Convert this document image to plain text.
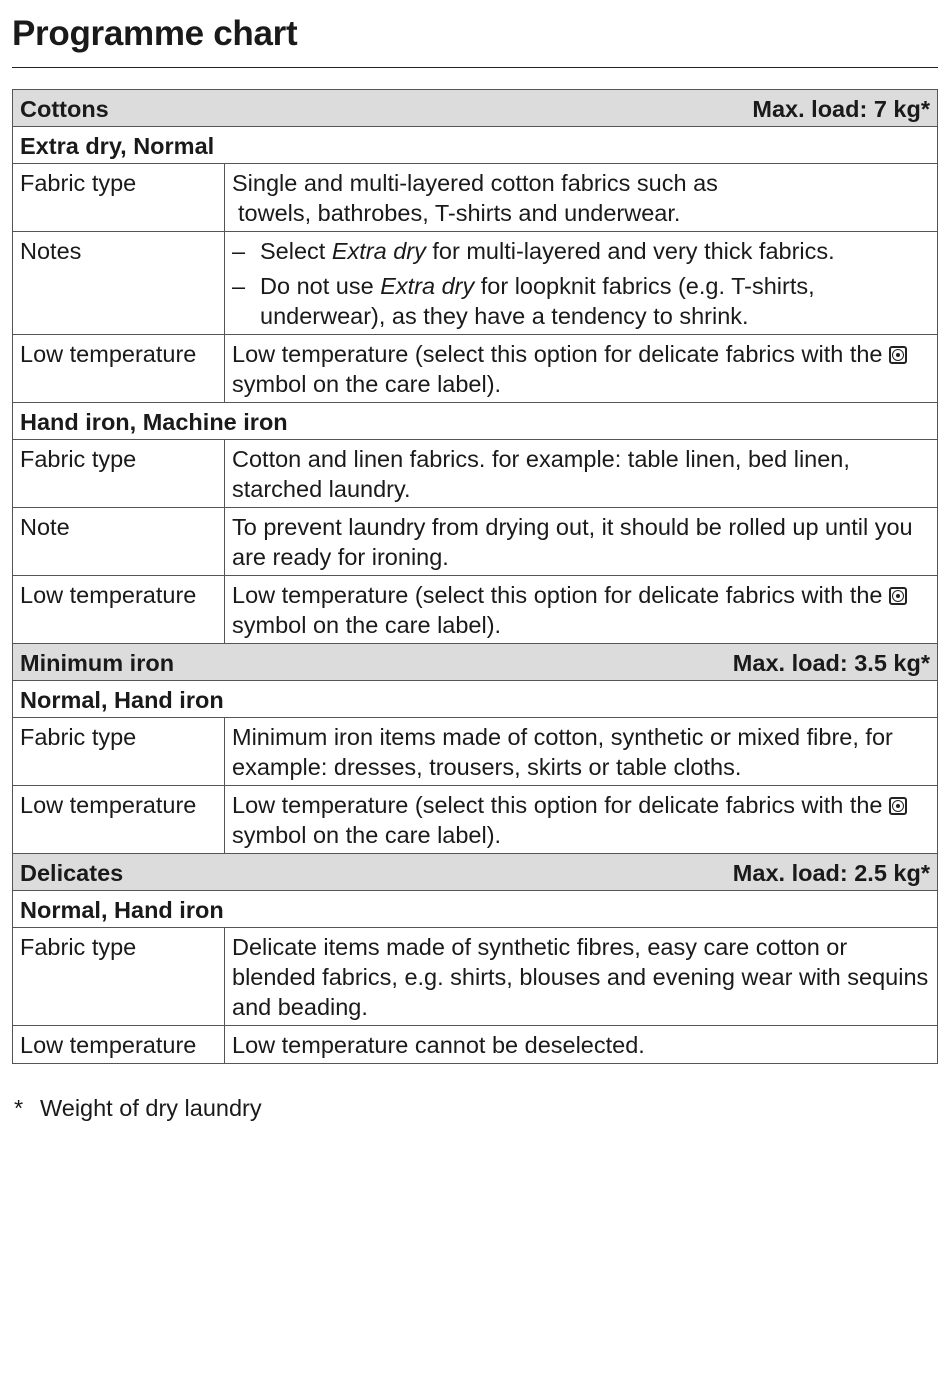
Programme chart
Cottons Max. load: 7 kg*	

Extra dry, Normal	
Fabric type	Single and multi-layered cotton fabrics such as
towels, bathrobes, T-shirts and underwear.

Notes	– Select Extra dry for multi-layered and very thick fabrics.
– Do not use Extra dry for loopknit fabrics (e.g. T-shirts, underwear), as they have a tendency to shrink.

Low temperature	Low temperature (select this option for delicate fabrics with the  symbol on the care label).
Hand iron, Machine iron	
Fabric type	Cotton and linen fabrics. for example: table linen, bed linen, starched laundry.
Note	To prevent laundry from drying out, it should be rolled up until you are ready for ironing.
Low temperature	Low temperature (select this option for delicate fabrics with the  symbol on the care label).

Minimum iron Max. load: 3.5 kg*	

Normal, Hand iron	
Fabric type	Minimum iron items made of cotton, synthetic or mixed fibre, for example: dresses, trousers, skirts or table cloths.
Low temperature	Low temperature (select this option for delicate fabrics with the  symbol on the care label).

Delicates Max. load: 2.5 kg*	

Normal, Hand iron	
Fabric type	Delicate items made of synthetic fibres, easy care cotton or blended fabrics, e.g. shirts, blouses and evening wear with sequins and beading.
Low temperature	Low temperature cannot be deselected.
* Weight of dry laundry
